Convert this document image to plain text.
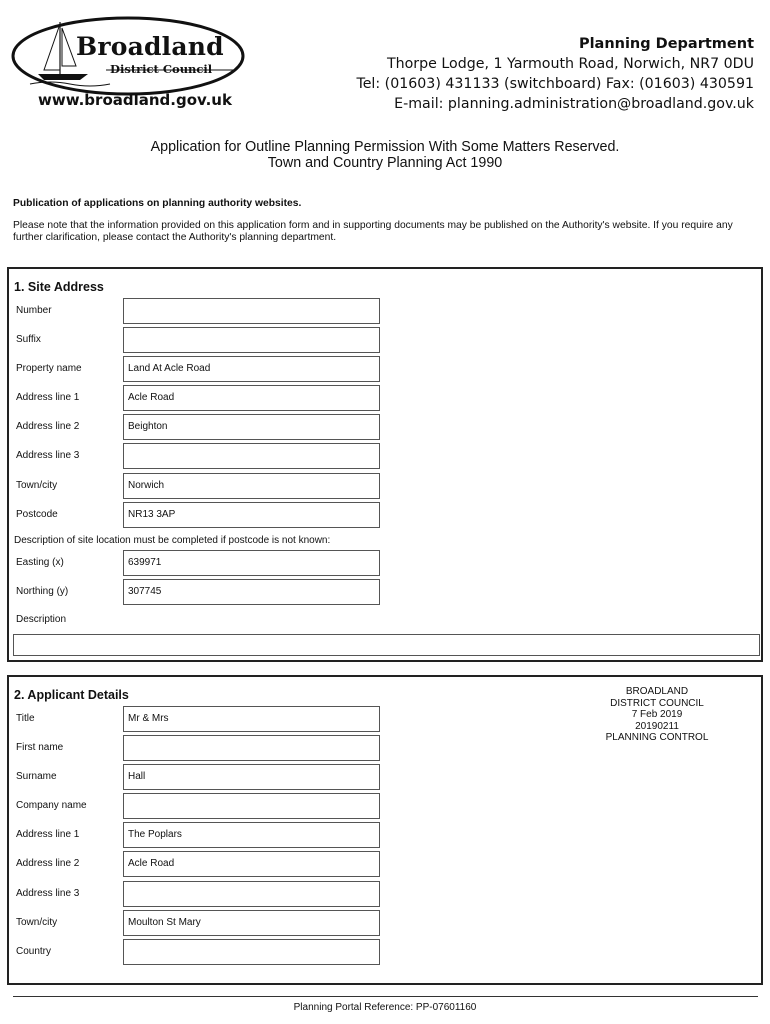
Broadland
District Council
www.broadland.gov.uk
Planning Department
Thorpe Lodge, 1 Yarmouth Road, Norwich, NR7 0DU
Tel: (01603) 431133 (switchboard) Fax: (01603) 430591
E-mail: planning.administration@broadland.gov.uk
Application for Outline Planning Permission With Some Matters Reserved.
Town and Country Planning Act 1990
Publication of applications on planning authority websites.
Please note that the information provided on this application form and in supporting documents may be published on the Authority's website. If you require any further clarification, please contact the Authority's planning department.
1. Site Address
Number
Suffix
Property name	Land At Acle Road
Address line 1	Acle Road
Address line 2	Beighton
Address line 3
Town/city	Norwich
Postcode	NR13 3AP
Description of site location must be completed if postcode is not known:
Easting (x)	639971
Northing (y)	307745
Description
2. Applicant Details
Title	Mr & Mrs
First name
Surname	Hall
Company name
Address line 1	The Poplars
Address line 2	Acle Road
Address line 3
Town/city	Moulton St Mary
Country
BROADLAND
DISTRICT COUNCIL
7 Feb 2019
20190211
PLANNING CONTROL
Planning Portal Reference: PP-07601160
